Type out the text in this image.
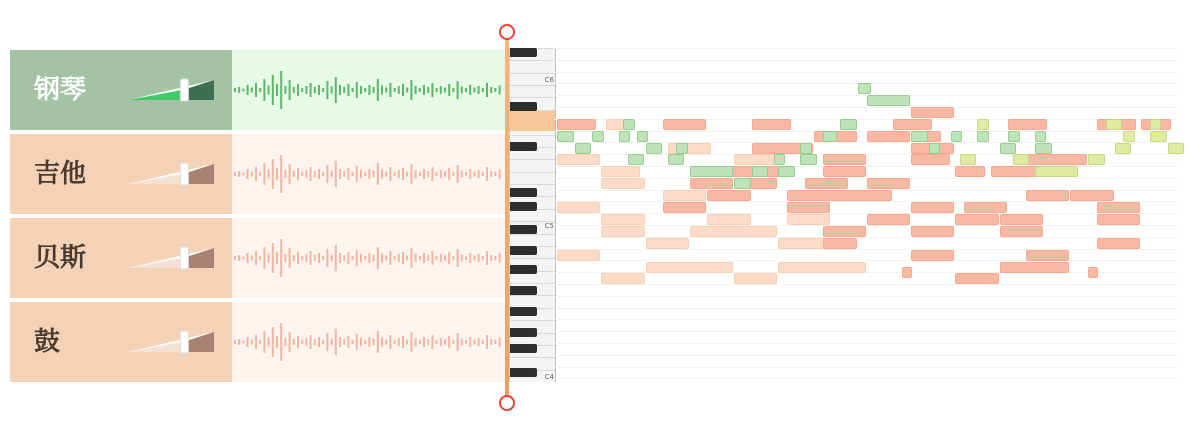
钢琴
吉他
贝斯
鼓
C6
C5
C4
